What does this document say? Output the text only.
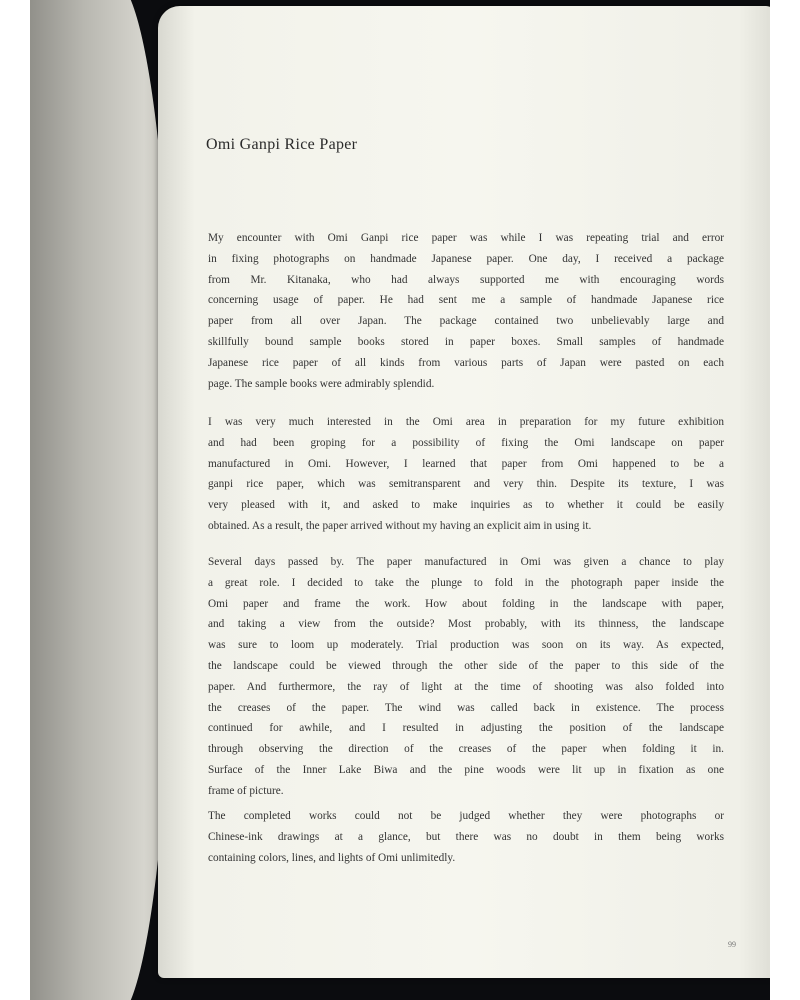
Omi Ganpi Rice Paper
My encounter with Omi Ganpi rice paper was while I was repeating trial and error
in fixing photographs on handmade Japanese paper. One day, I received a package
from Mr. Kitanaka, who had always supported me with encouraging words
concerning usage of paper. He had sent me a sample of handmade Japanese rice
paper from all over Japan. The package contained two unbelievably large and
skillfully bound sample books stored in paper boxes. Small samples of handmade
Japanese rice paper of all kinds from various parts of Japan were pasted on each
page. The sample books were admirably splendid.
I was very much interested in the Omi area in preparation for my future exhibition
and had been groping for a possibility of fixing the Omi landscape on paper
manufactured in Omi. However, I learned that paper from Omi happened to be a
ganpi rice paper, which was semitransparent and very thin. Despite its texture, I was
very pleased with it, and asked to make inquiries as to whether it could be easily
obtained. As a result, the paper arrived without my having an explicit aim in using it.
Several days passed by. The paper manufactured in Omi was given a chance to play
a great role. I decided to take the plunge to fold in the photograph paper inside the
Omi paper and frame the work. How about folding in the landscape with paper,
and taking a view from the outside? Most probably, with its thinness, the landscape
was sure to loom up moderately. Trial production was soon on its way. As expected,
the landscape could be viewed through the other side of the paper to this side of the
paper. And furthermore, the ray of light at the time of shooting was also folded into
the creases of the paper. The wind was called back in existence. The process
continued for awhile, and I resulted in adjusting the position of the landscape
through observing the direction of the creases of the paper when folding it in.
Surface of the Inner Lake Biwa and the pine woods were lit up in fixation as one
frame of picture.
The completed works could not be judged whether they were photographs or
Chinese-ink drawings at a glance, but there was no doubt in them being works
containing colors, lines, and lights of Omi unlimitedly.
99
